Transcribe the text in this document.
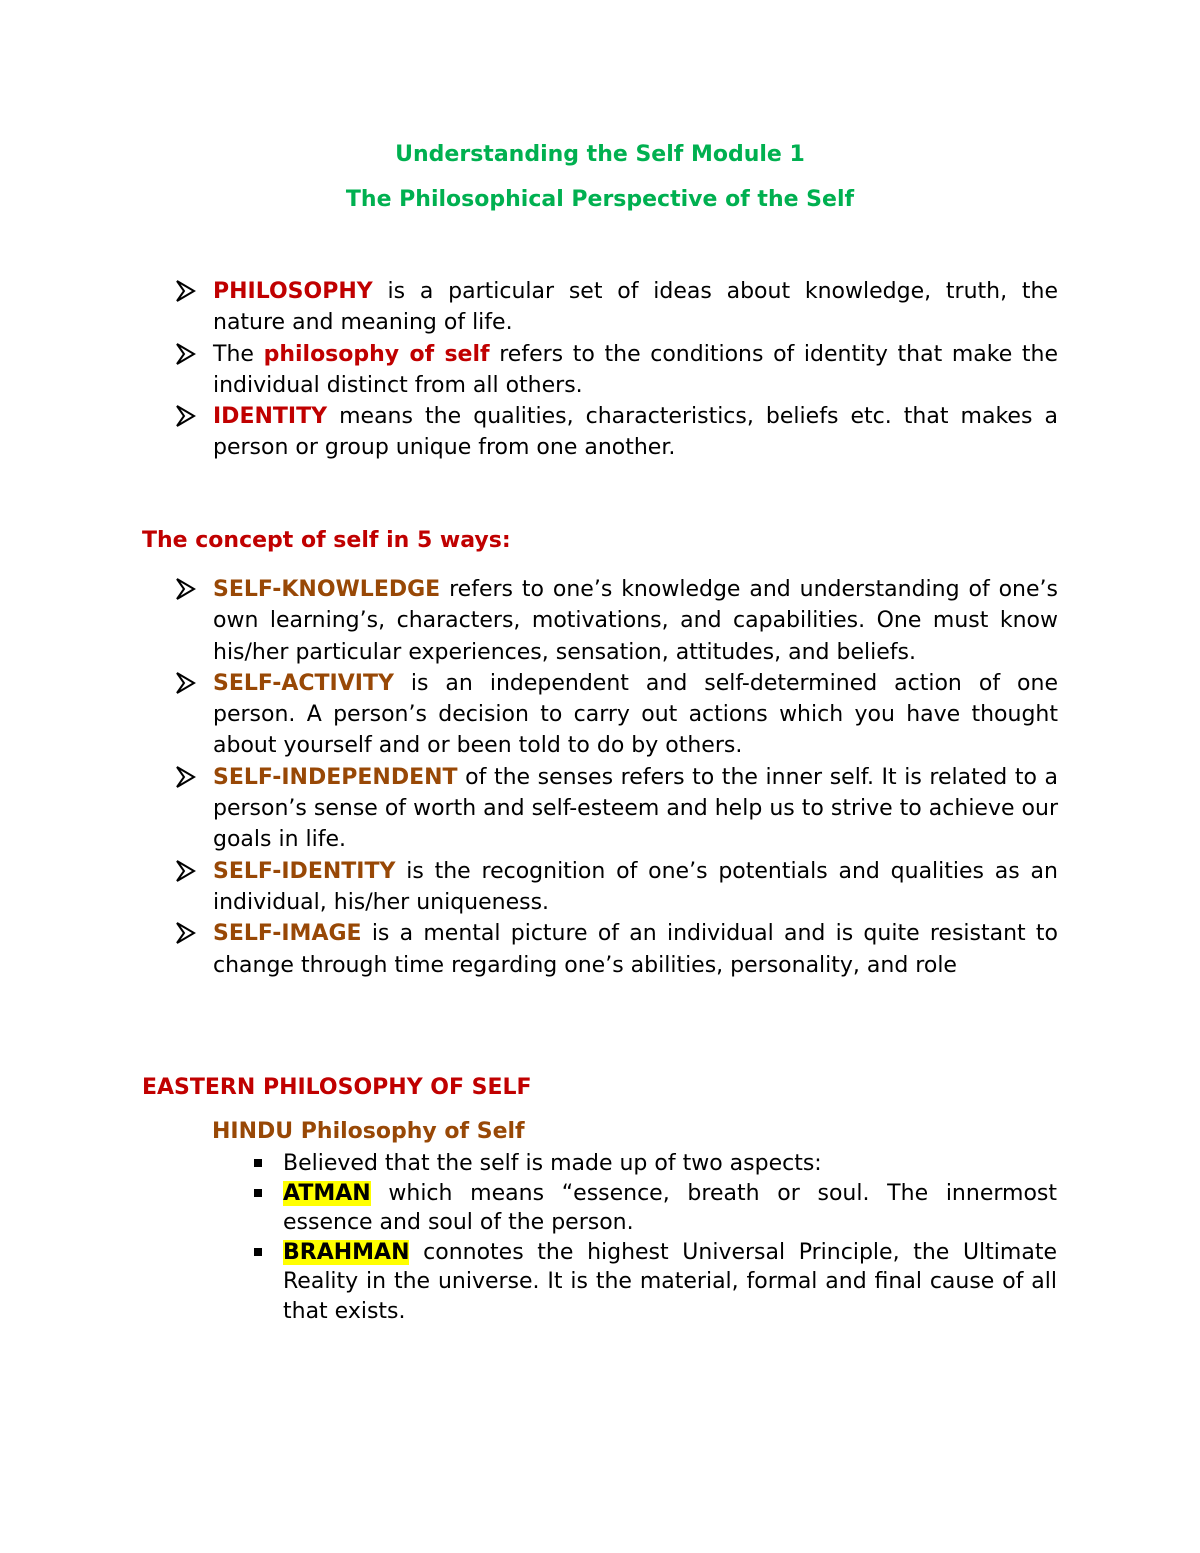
Understanding the Self Module 1
The Philosophical Perspective of the Self
PHILOSOPHY is a particular set of ideas about knowledge, truth, the nature and meaning of life.
The philosophy of self refers to the conditions of identity that make the individual distinct from all others.
IDENTITY means the qualities, characteristics, beliefs etc. that makes a person or group unique from one another.
The concept of self in 5 ways:
SELF-KNOWLEDGE refers to one’s knowledge and understanding of one’s own learning’s, characters, motivations, and capabilities. One must know his/her particular experiences, sensation, attitudes, and beliefs.
SELF-ACTIVITY is an independent and self-determined action of one person. A person’s decision to carry out actions which you have thought about yourself and or been told to do by others.
SELF-INDEPENDENT of the senses refers to the inner self. It is related to a person’s sense of worth and self-esteem and help us to strive to achieve our goals in life.
SELF-IDENTITY is the recognition of one’s potentials and qualities as an individual, his/her uniqueness.
SELF-IMAGE is a mental picture of an individual and is quite resistant to change through time regarding one’s abilities, personality, and role
EASTERN PHILOSOPHY OF SELF
HINDU Philosophy of Self
Believed that the self is made up of two aspects:
ATMAN which means “essence, breath or soul. The innermost essence and soul of the person.
BRAHMAN connotes the highest Universal Principle, the Ultimate Reality in the universe. It is the material, formal and final cause of all that exists.
